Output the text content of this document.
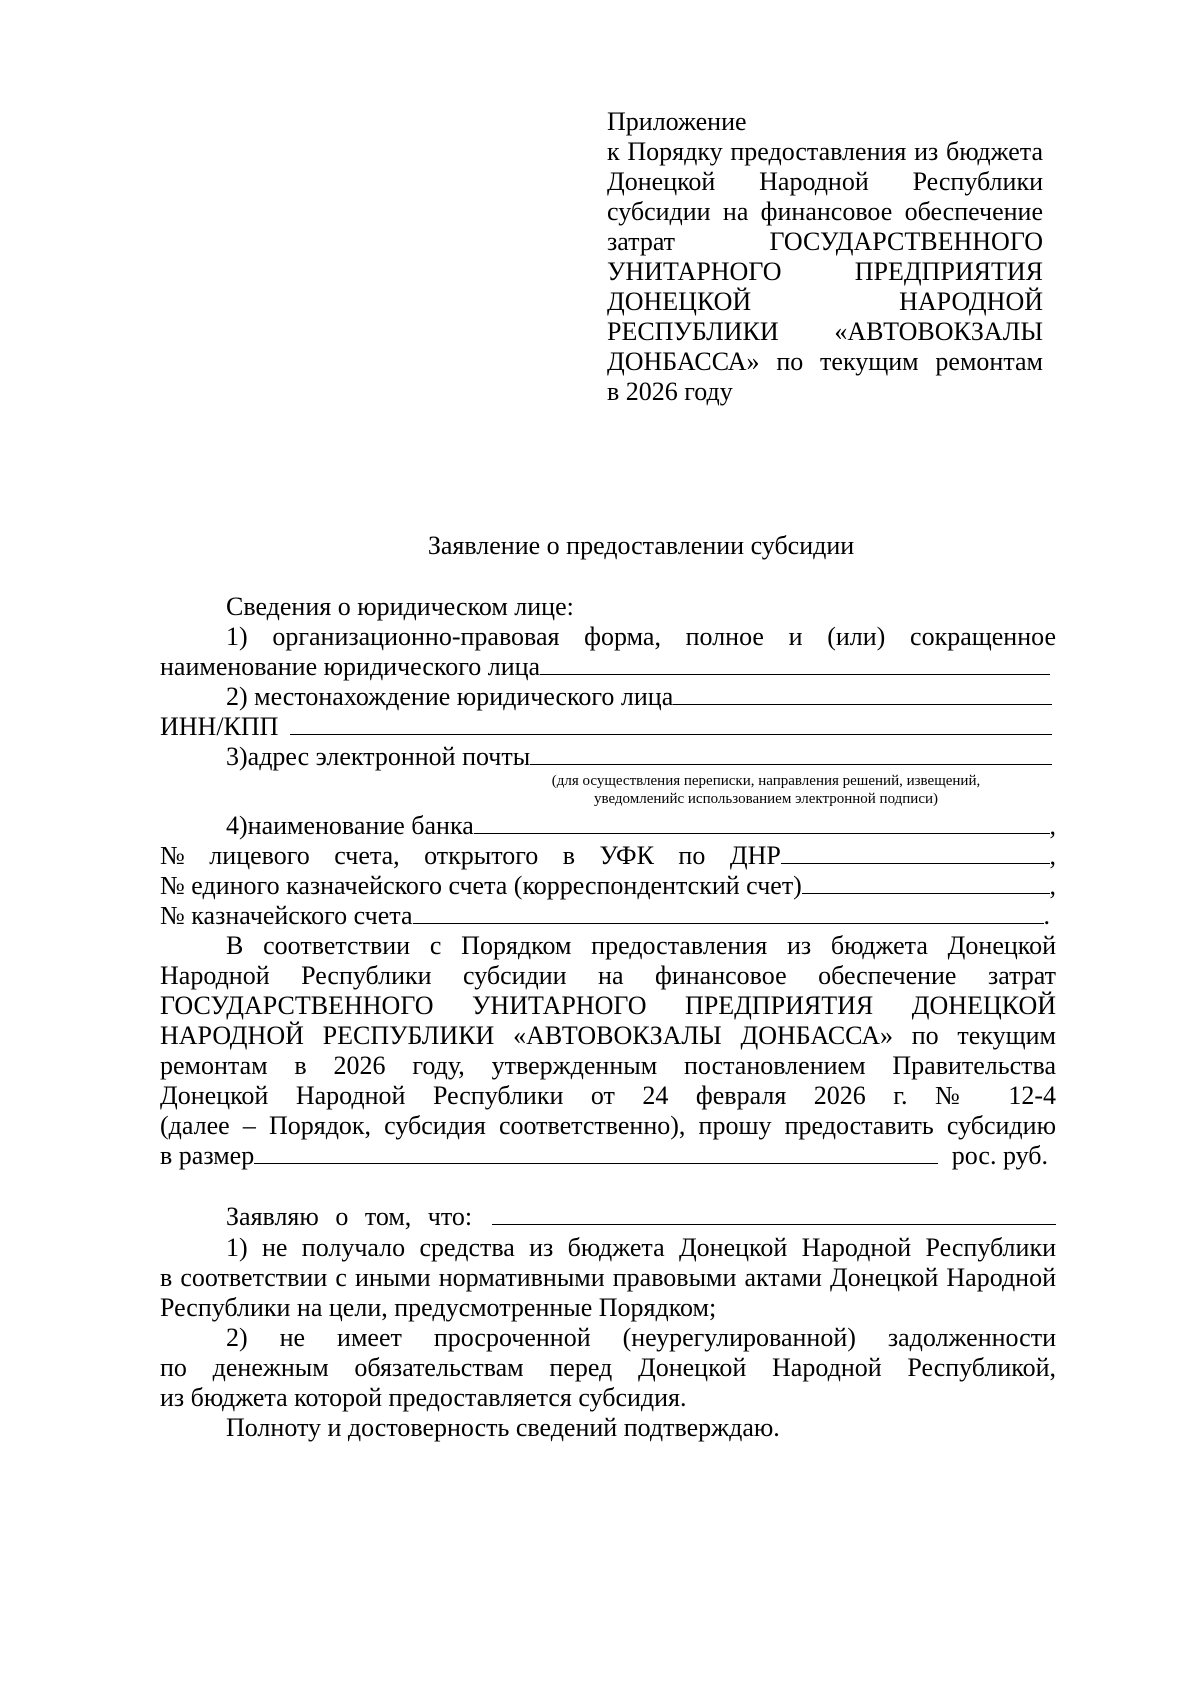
Приложение
к Порядку предоставления из бюджета
Донецкой Народной Республики
субсидии на финансовое обеспечение
затрат ГОСУДАРСТВЕННОГО
УНИТАРНОГО ПРЕДПРИЯТИЯ
ДОНЕЦКОЙ НАРОДНОЙ
РЕСПУБЛИКИ «АВТОВОКЗАЛЫ
ДОНБАССА» по текущим ремонтам
в 2026 году
Заявление о предоставлении субсидии
Сведения о юридическом лице:
1) организационно-правовая форма, полное и (или) сокращенное
наименование юридического лица
2) местонахождение юридического лица
ИНН/КПП
3)адрес электронной почты
(для осуществления переписки, направления решений, извещений,
уведомленийс использованием электронной подписи)
4)наименование банка	,
№ лицевого счета, открытого в УФК по ДНР	,
№ единого казначейского счета (корреспондентский счет)	,
№ казначейского счета	.
В соответствии с Порядком предоставления из бюджета Донецкой
Народной Республики субсидии на финансовое обеспечение затрат
ГОСУДАРСТВЕННОГО УНИТАРНОГО ПРЕДПРИЯТИЯ ДОНЕЦКОЙ
НАРОДНОЙ РЕСПУБЛИКИ «АВТОВОКЗАЛЫ ДОНБАССА» по текущим
ремонтам в 2026 году, утвержденным постановлением Правительства
Донецкой Народной Республики от 24 февраля 2026 г. № 12-4
(далее – Порядок, субсидия соответственно), прошу предоставить субсидию
в размер	рос. руб.
Заявляю о том, что:
1) не получало средства из бюджета Донецкой Народной Республики
в соответствии с иными нормативными правовыми актами Донецкой Народной
Республики на цели, предусмотренные Порядком;
2) не имеет просроченной (неурегулированной) задолженности
по денежным обязательствам перед Донецкой Народной Республикой,
из бюджета которой предоставляется субсидия.
Полноту и достоверность сведений подтверждаю.
